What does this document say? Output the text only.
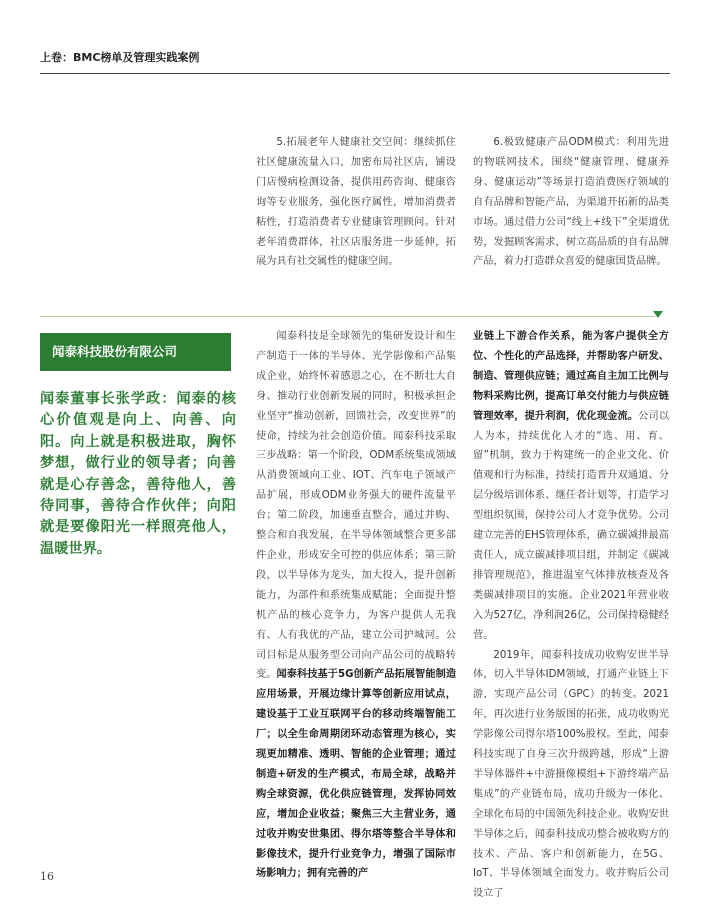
上卷：BMC榜单及管理实践案例

5.拓展老年人健康社交空间：继续抓住社区健康流量入口，加密布局社区店，铺设门店慢病检测设备，提供用药咨询、健康咨询等专业服务，强化医疗属性，增加消费者粘性，打造消费者专业健康管理顾问。针对老年消费群体，社区店服务进一步延伸，拓展为具有社交属性的健康空间。

6.极致健康产品ODM模式：利用先进的物联网技术，围绕“健康管理、健康养身、健康运动”等场景打造消费医疗领域的自有品牌和智能产品，为渠道开拓新的品类市场。通过借力公司“线上+线下”全渠道优势，发掘顾客需求，树立高品质的自有品牌产品，着力打造群众喜爱的健康国货品牌。

闻泰科技股份有限公司
闻泰董事长张学政：闻泰的核心价值观是向上、向善、向阳。向上就是积极进取，胸怀梦想，做行业的领导者；向善就是心存善念，善待他人，善待同事，善待合作伙伴；向阳就是要像阳光一样照亮他人，温暖世界。

闻泰科技是全球领先的集研发设计和生产制造于一体的半导体、光学影像和产品集成企业，始终怀着感恩之心，在不断壮大自身、推动行业创新发展的同时，积极承担企业坚守“推动创新，回馈社会，改变世界”的使命，持续为社会创造价值。闻泰科技采取三步战略：第一个阶段，ODM系统集成领域从消费领域向工业、IOT、汽车电子领域产品扩展，形成ODM业务强大的硬件流量平台；第二阶段，加速垂直整合，通过并购、整合和自我发展，在半导体领域整合更多部件企业，形成安全可控的供应体系；第三阶段，以半导体为龙头，加大投入，提升创新能力，为部件和系统集成赋能；全面提升整机产品的核心竞争力，为客户提供人无我有、人有我优的产品，建立公司护城河。公司目标是从服务型公司向产品公司的战略转变。闻泰科技基于5G创新产品拓展智能制造应用场景，开展边缘计算等创新应用试点，建设基于工业互联网平台的移动终端智能工厂；以全生命周期闭环动态管理为核心，实现更加精准、透明、智能的企业管理；通过制造+研发的生产模式，布局全球，战略并购全球资源，优化供应链管理，发挥协同效应，增加企业收益；聚焦三大主营业务，通过收并购安世集团、得尔塔等整合半导体和影像技术，提升行业竞争力，增强了国际市场影响力；拥有完善的产

业链上下游合作关系，能为客户提供全方位、个性化的产品选择，并帮助客户研发、制造、管理供应链；通过高自主加工比例与物料采购比例，提高订单交付能力与供应链管理效率，提升利润，优化现金流。公司以人为本，持续优化人才的“选、用、育、留”机制，致力于构建统一的企业文化、价值观和行为标准，持续打造晋升双通道、分层分级培训体系、继任者计划等，打造学习型组织氛围，保持公司人才竞争优势。公司建立完善的EHS管理体系，确立碳减排最高责任人，成立碳减排项目组，并制定《碳减排管理规范》，推进温室气体排放核查及各类碳减排项目的实施。企业2021年营业收入为527亿，净利润26亿，公司保持稳健经营。

2019年，闻泰科技成功收购安世半导体，切入半导体IDM领域，打通产业链上下游，实现产品公司（GPC）的转变。2021年，再次进行业务版图的拓张，成功收购光学影像公司得尔塔100%股权。至此，闻泰科技实现了自身三次升级跨越，形成“上游半导体器件+中游摄像模组+下游终端产品集成”的产业链布局，成功升级为一体化、全球化布局的中国领先科技企业。收购安世半导体之后，闻泰科技成功整合被收购方的技术、产品、客户和创新能力，在5G、IoT、半导体领域全面发力。收并购后公司设立了

16
